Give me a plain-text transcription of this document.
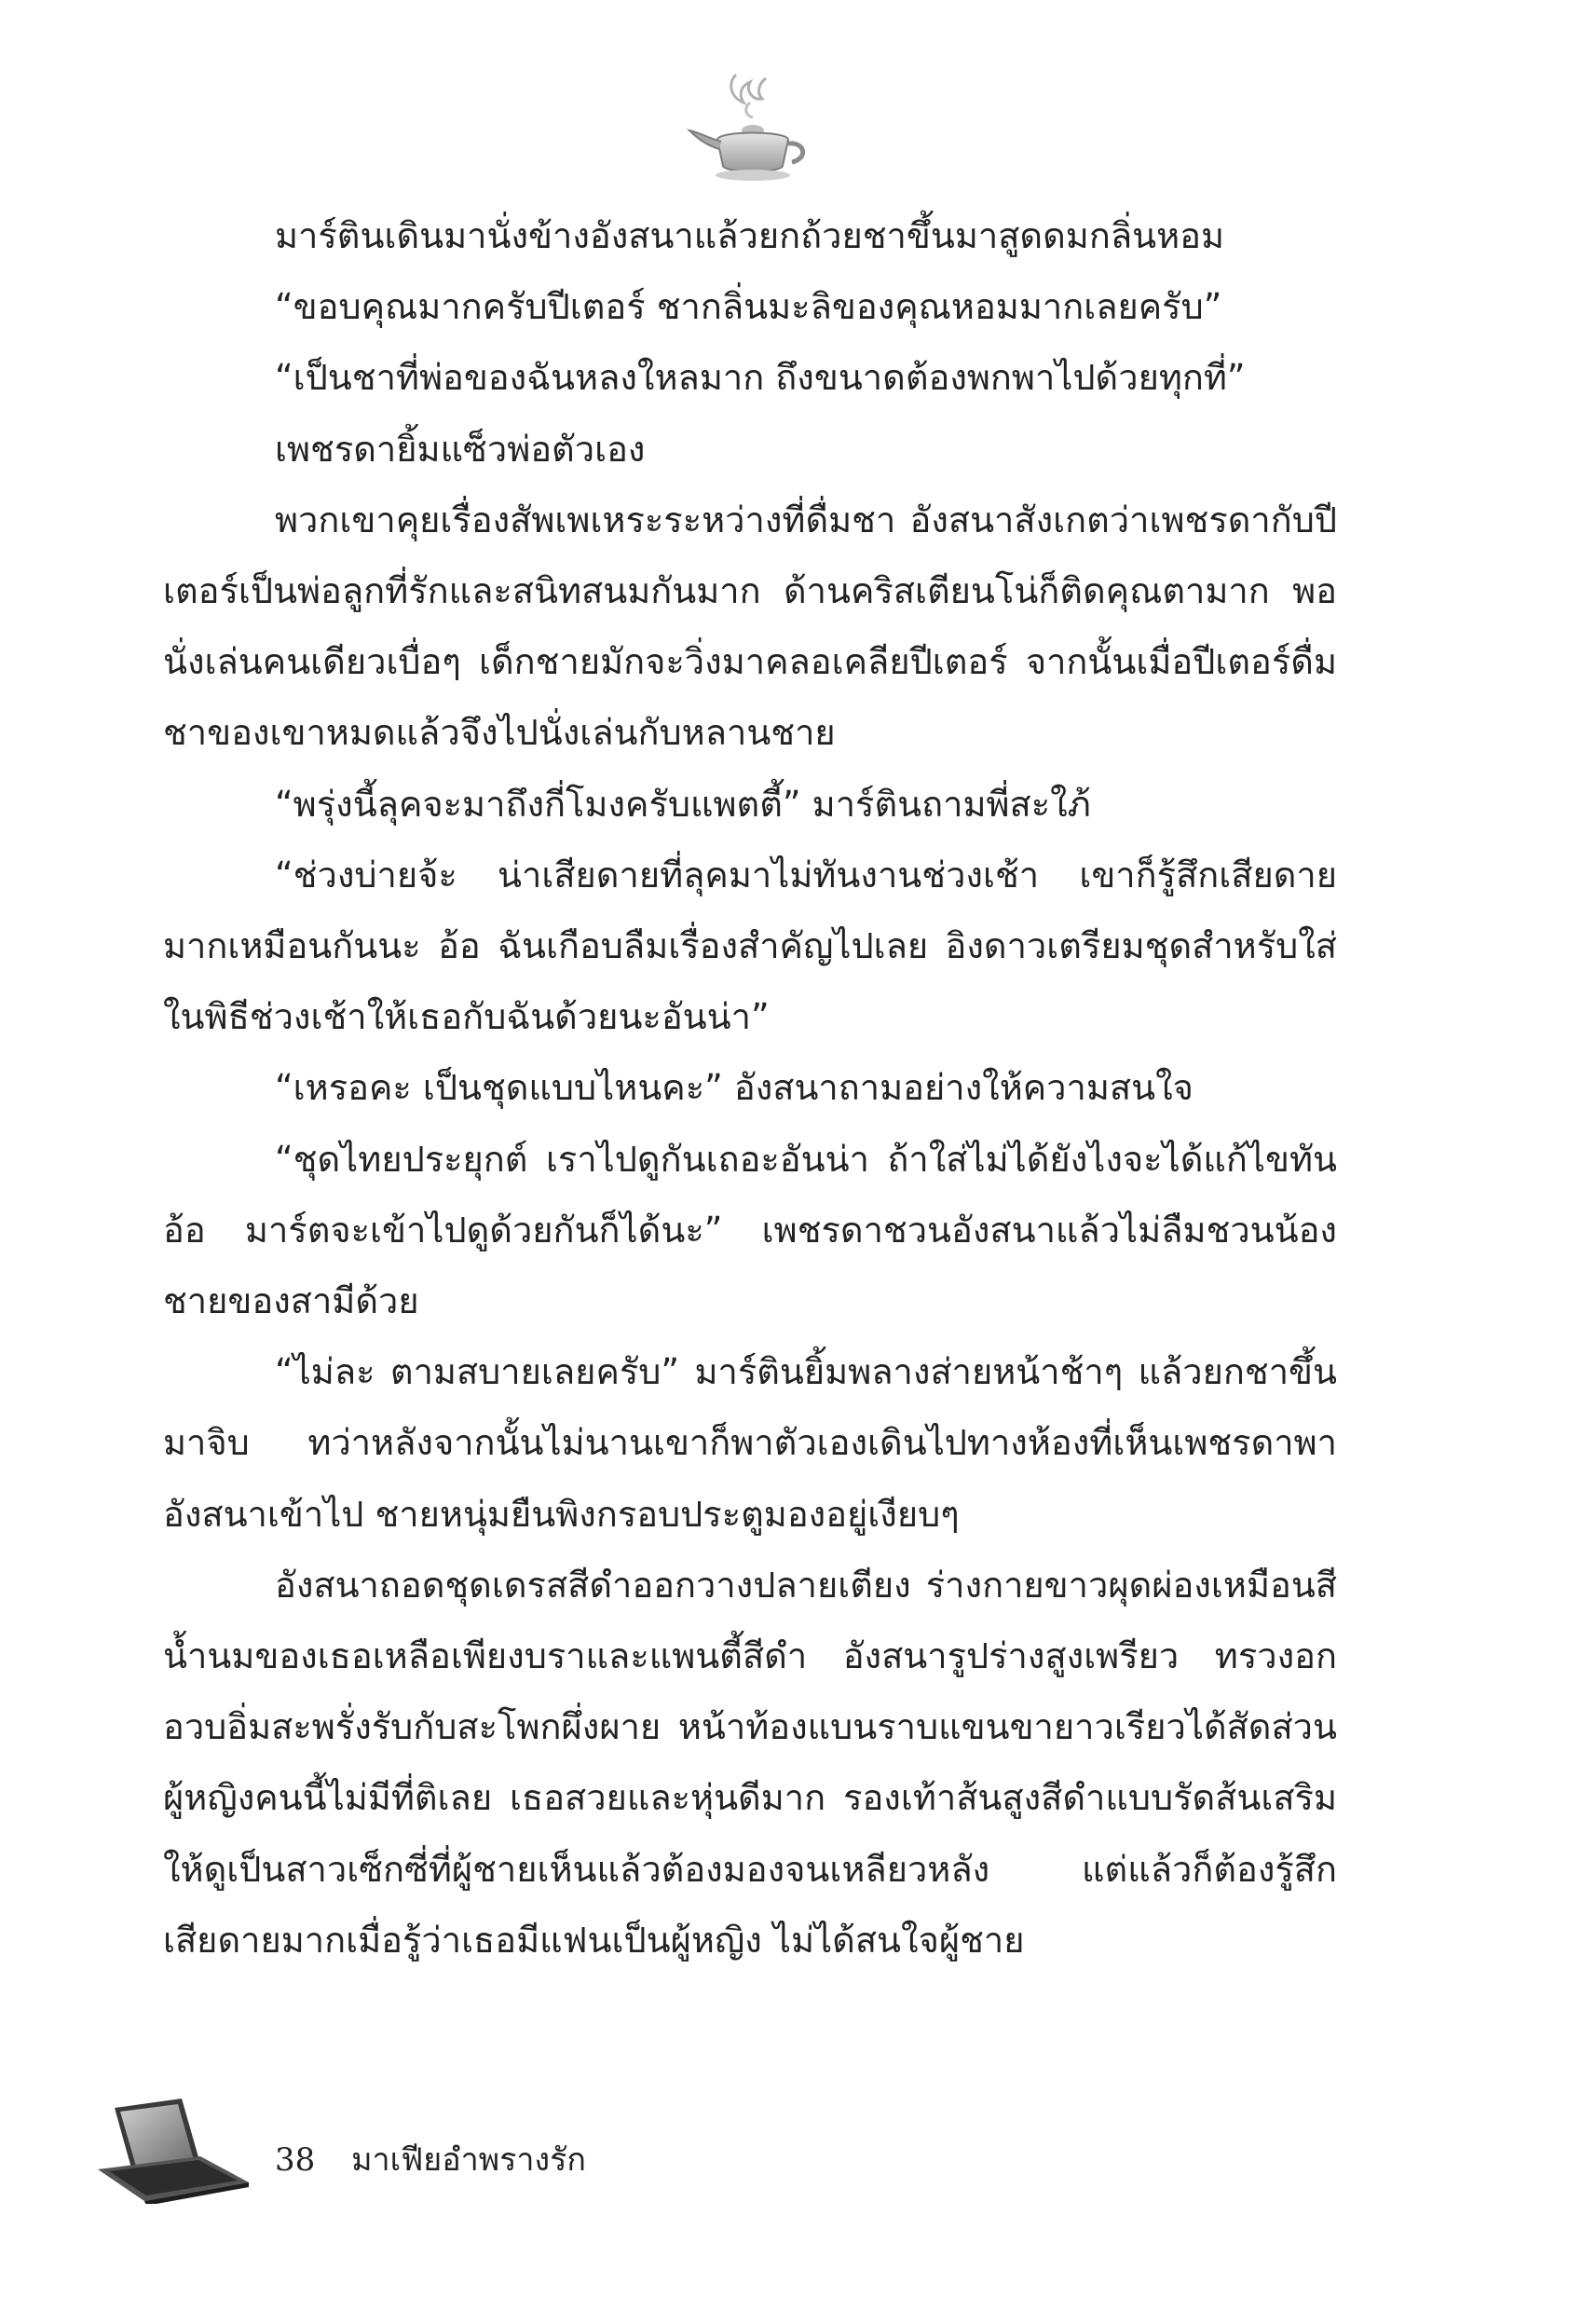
มาร์ตินเดินมานั่งข้างอังสนาแล้วยกถ้วยชาขึ้นมาสูดดมกลิ่นหอม

“ขอบคุณมากครับปีเตอร์ ชากลิ่นมะลิของคุณหอมมากเลยครับ”

“เป็นชาที่พ่อของฉันหลงใหลมาก ถึงขนาดต้องพกพาไปด้วยทุกที่”

เพชรดายิ้มแซ็วพ่อตัวเอง

พวกเขาคุยเรื่องสัพเพเหระระหว่างที่ดื่มชา อังสนาสังเกตว่าเพชรดากับปีเตอร์เป็นพ่อลูกที่รักและสนิทสนมกันมาก ด้านคริสเตียนโน่ก็ติดคุณตามาก พอนั่งเล่นคนเดียวเบื่อๆ เด็กชายมักจะวิ่งมาคลอเคลียปีเตอร์ จากนั้นเมื่อปีเตอร์ดื่มชาของเขาหมดแล้วจึงไปนั่งเล่นกับหลานชาย

“พรุ่งนี้ลุคจะมาถึงกี่โมงครับแพตตี้” มาร์ตินถามพี่สะใภ้

“ช่วงบ่ายจ้ะ น่าเสียดายที่ลุคมาไม่ทันงานช่วงเช้า เขาก็รู้สึกเสียดายมากเหมือนกันนะ อ้อ ฉันเกือบลืมเรื่องสำคัญไปเลย อิงดาวเตรียมชุดสำหรับใส่ในพิธีช่วงเช้าให้เธอกับฉันด้วยนะอันน่า”

“เหรอคะ เป็นชุดแบบไหนคะ” อังสนาถามอย่างให้ความสนใจ

“ชุดไทยประยุกต์ เราไปดูกันเถอะอันน่า ถ้าใส่ไม่ได้ยังไงจะได้แก้ไขทัน อ้อ มาร์ตจะเข้าไปดูด้วยกันก็ได้นะ” เพชรดาชวนอังสนาแล้วไม่ลืมชวนน้องชายของสามีด้วย

“ไม่ละ ตามสบายเลยครับ” มาร์ตินยิ้มพลางส่ายหน้าช้าๆ แล้วยกชาขึ้นมาจิบ ทว่าหลังจากนั้นไม่นานเขาก็พาตัวเองเดินไปทางห้องที่เห็นเพชรดาพาอังสนาเข้าไป ชายหนุ่มยืนพิงกรอบประตูมองอยู่เงียบๆ

อังสนาถอดชุดเดรสสีดำออกวางปลายเตียง ร่างกายขาวผุดผ่องเหมือนสีน้ำนมของเธอเหลือเพียงบราและแพนตี้สีดำ อังสนารูปร่างสูงเพรียว ทรวงอกอวบอิ่มสะพรั่งรับกับสะโพกผึ่งผาย หน้าท้องแบนราบแขนขายาวเรียวได้สัดส่วน ผู้หญิงคนนี้ไม่มีที่ติเลย เธอสวยและหุ่นดีมาก รองเท้าส้นสูงสีดำแบบรัดส้นเสริมให้ดูเป็นสาวเซ็กซี่ที่ผู้ชายเห็นแล้วต้องมองจนเหลียวหลัง แต่แล้วก็ต้องรู้สึกเสียดายมากเมื่อรู้ว่าเธอมีแฟนเป็นผู้หญิง ไม่ได้สนใจผู้ชาย

38 มาเฟียอำพรางรัก
